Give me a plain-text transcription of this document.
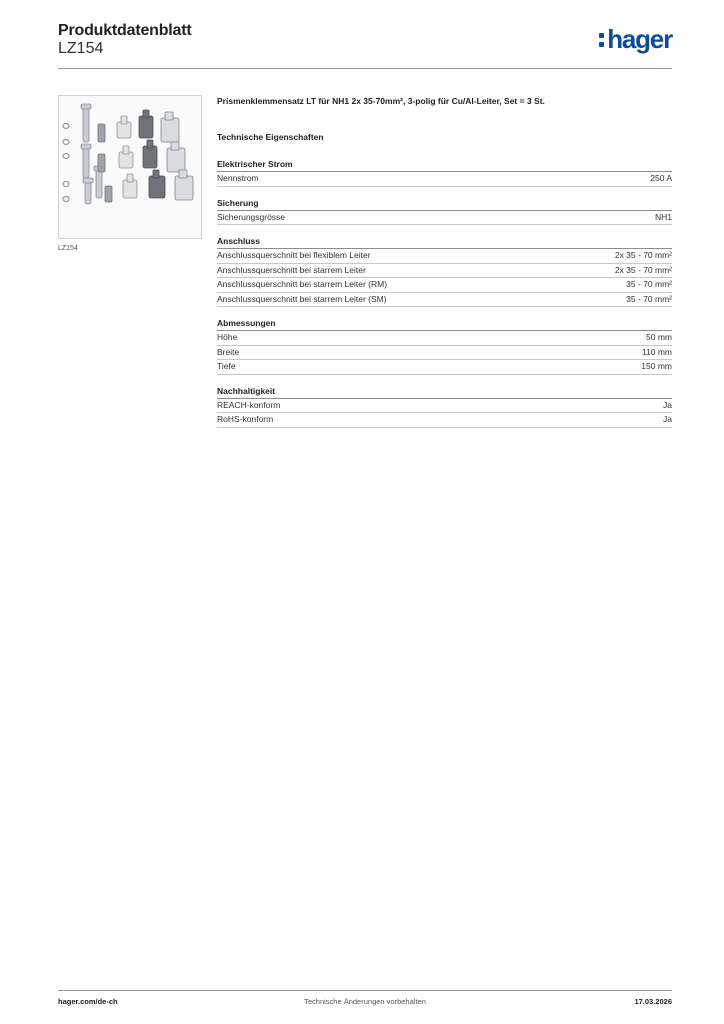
Produktdatenblatt
LZ154	hager
LZ154
Prismenklemmensatz LT für NH1 2x 35-70mm², 3-polig für Cu/Al-Leiter, Set = 3 St.
Technische Eigenschaften
Elektrischer Strom
Nennstrom	250 A
Sicherung
Sicherungsgrösse	NH1
Anschluss
Anschlussquerschnitt bei flexiblem Leiter	2x 35 - 70 mm²
Anschlussquerschnitt bei starrem Leiter	2x 35 - 70 mm²
Anschlussquerschnitt bei starrem Leiter (RM)	35 - 70 mm²
Anschlussquerschnitt bei starrem Leiter (SM)	35 - 70 mm²
Abmessungen
Höhe	50 mm
Breite	110 mm
Tiefe	150 mm
Nachhaltigkeit
REACH-konform	Ja
RoHS-konform	Ja
hager.com/de-ch	Technische Änderungen vorbehalten	17.03.2026
